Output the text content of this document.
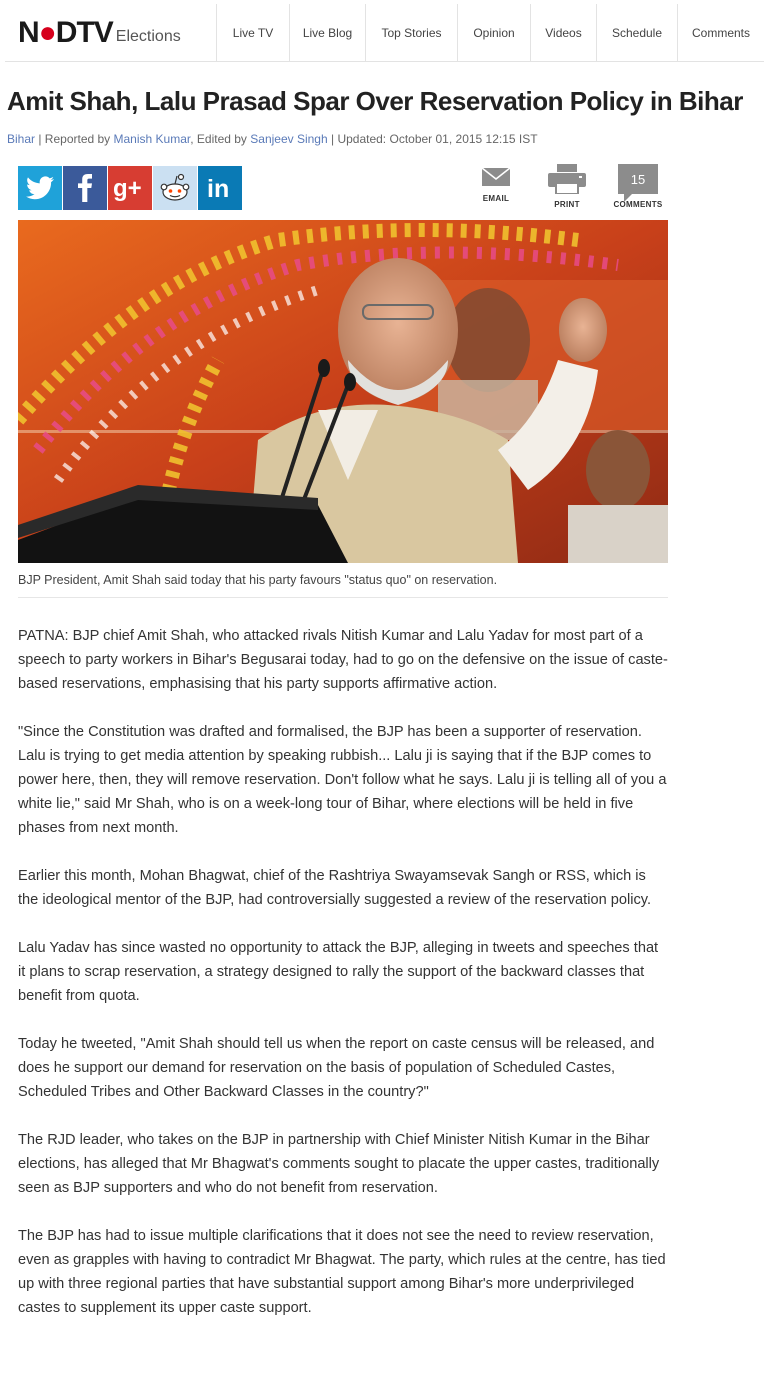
N●DTV Elections	Live TV	Live Blog	Top Stories	Opinion	Videos	Schedule	Comments
Amit Shah, Lalu Prasad Spar Over Reservation Policy in Bihar
Bihar | Reported by Manish Kumar, Edited by Sanjeev Singh | Updated: October 01, 2015 12:15 IST
g+	in	EMAIL
PRINT
15
COMMENTS
BJP President, Amit Shah said today that his party favours "status quo" on reservation.

PATNA: BJP chief Amit Shah, who attacked rivals Nitish Kumar and Lalu Yadav for most part of a speech to party workers in Bihar's Begusarai today, had to go on the defensive on the issue of caste-based reservations, emphasising that his party supports affirmative action.

"Since the Constitution was drafted and formalised, the BJP has been a supporter of reservation. Lalu is trying to get media attention by speaking rubbish... Lalu ji is saying that if the BJP comes to power here, then, they will remove reservation. Don't follow what he says. Lalu ji is telling all of you a white lie," said Mr Shah, who is on a week-long tour of Bihar, where elections will be held in five phases from next month.

Earlier this month, Mohan Bhagwat, chief of the Rashtriya Swayamsevak Sangh or RSS, which is the ideological mentor of the BJP, had controversially suggested a review of the reservation policy.

Lalu Yadav has since wasted no opportunity to attack the BJP, alleging in tweets and speeches that it plans to scrap reservation, a strategy designed to rally the support of the backward classes that benefit from quota.

Today he tweeted, "Amit Shah should tell us when the report on caste census will be released, and does he support our demand for reservation on the basis of population of Scheduled Castes, Scheduled Tribes and Other Backward Classes in the country?"

The RJD leader, who takes on the BJP in partnership with Chief Minister Nitish Kumar in the Bihar elections, has alleged that Mr Bhagwat's comments sought to placate the upper castes, traditionally seen as BJP supporters and who do not benefit from reservation.

The BJP has had to issue multiple clarifications that it does not see the need to review reservation, even as grapples with having to contradict Mr Bhagwat. The party, which rules at the centre, has tied up with three regional parties that have substantial support among Bihar's more underprivileged castes to supplement its upper caste support.
